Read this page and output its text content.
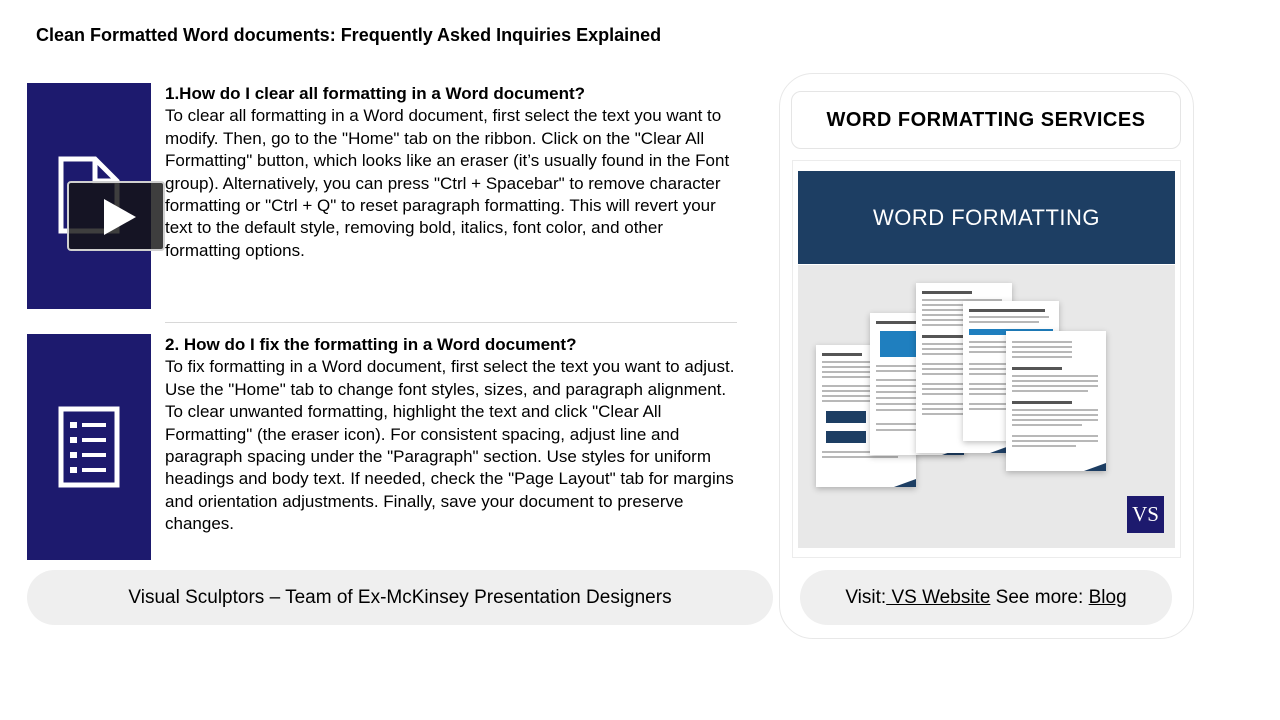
Clean Formatted Word documents: Frequently Asked Inquiries Explained
1.How do I clear all formatting in a Word document?
To clear all formatting in a Word document, first select the text you want to modify. Then, go to the "Home" tab on the ribbon. Click on the "Clear All Formatting" button, which looks like an eraser (it’s usually found in the Font group). Alternatively, you can press "Ctrl + Spacebar" to remove character formatting or "Ctrl + Q" to reset paragraph formatting. This will revert your text to the default style, removing bold, italics, font color, and other formatting options.
2. How do I fix the formatting in a Word document?
To fix formatting in a Word document, first select the text you want to adjust. Use the "Home" tab to change font styles, sizes, and paragraph alignment. To clear unwanted formatting, highlight the text and click "Clear All Formatting" (the eraser icon). For consistent spacing, adjust line and paragraph spacing under the "Paragraph" section. Use styles for uniform headings and body text. If needed, check the "Page Layout" tab for margins and orientation adjustments. Finally, save your document to preserve changes.
Visual Sculptors – Team of Ex-McKinsey Presentation Designers
WORD FORMATTING SERVICES
WORD FORMATTING
VS
Visit: VS Website See more: Blog
